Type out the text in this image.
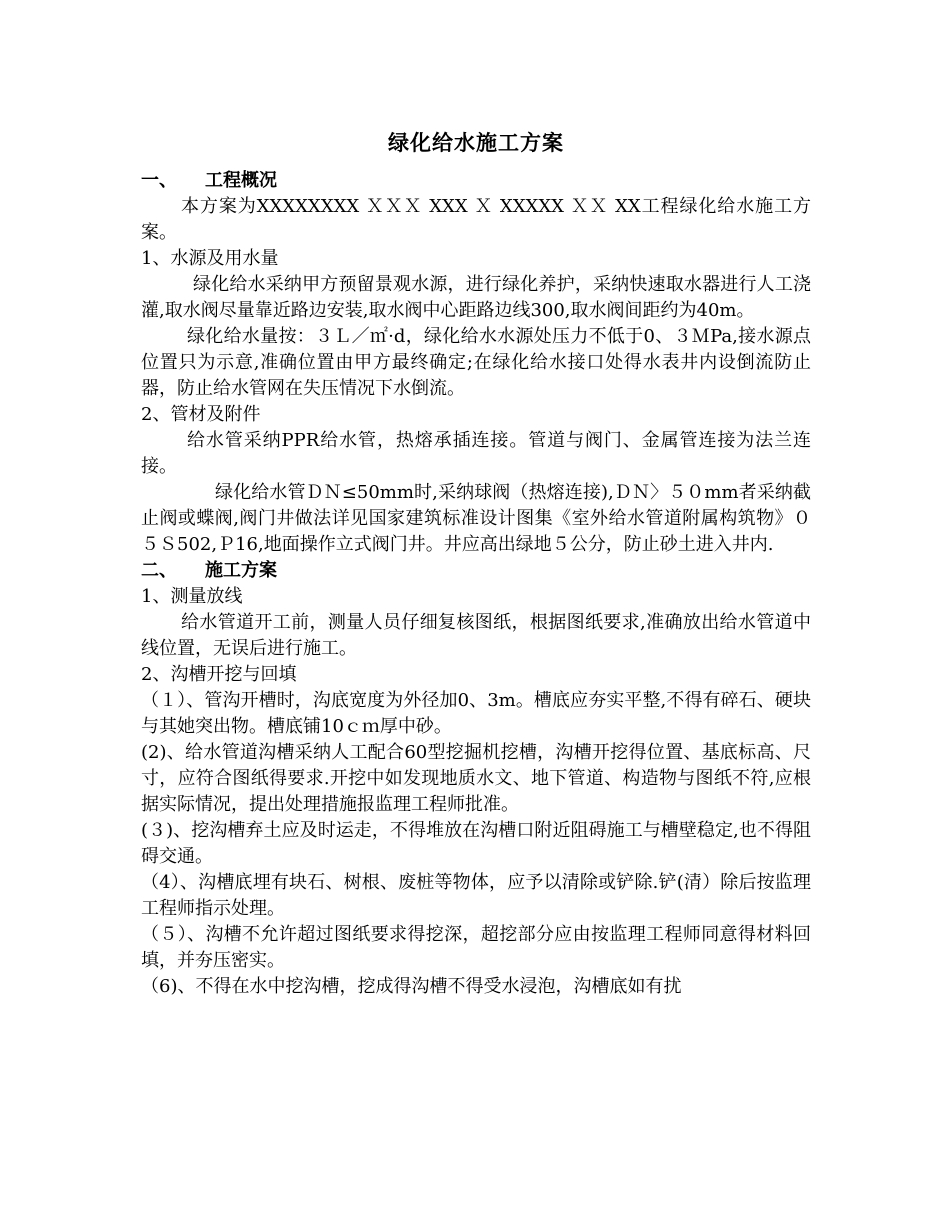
绿化给水施工方案
一、 工程概况

本方案为XXXXXXXX ＸＸＸ XXX Ｘ XXXXX ＸＸ XX工程绿化给水施工方案。

1、水源及用水量

绿化给水采纳甲方预留景观水源，进行绿化养护，采纳快速取水器进行人工浇灌,取水阀尽量靠近路边安装,取水阀中心距路边线300,取水阀间距约为40m。

绿化给水量按：３Ｌ／㎡·d，绿化给水水源处压力不低于0、３ＭPa,接水源点位置只为示意,准确位置由甲方最终确定;在绿化给水接口处得水表井内设倒流防止器，防止给水管网在失压情况下水倒流。

2、管材及附件

给水管采纳PPR给水管，热熔承插连接。管道与阀门、金属管连接为法兰连接。

绿化给水管ＤＮ≤50mm时,采纳球阀（热熔连接),ＤＮ〉５０mm者采纳截止阀或蝶阀,阀门井做法详见国家建筑标准设计图集《室外给水管道附属构筑物》０５Ｓ502,Ｐ16,地面操作立式阀门井。井应高出绿地５公分，防止砂土进入井内.

二、 施工方案

1、测量放线

给水管道开工前，测量人员仔细复核图纸，根据图纸要求,准确放出给水管道中线位置，无误后进行施工。

2、沟槽开挖与回填

（１）、管沟开槽时，沟底宽度为外径加0、3m。槽底应夯实平整,不得有碎石、硬块与其她突出物。槽底铺10ｃｍ厚中砂。

(2)、给水管道沟槽采纳人工配合60型挖掘机挖槽，沟槽开挖得位置、基底标高、尺寸，应符合图纸得要求.开挖中如发现地质水文、地下管道、构造物与图纸不符,应根据实际情况，提出处理措施报监理工程师批准。

(３)、挖沟槽弃土应及时运走，不得堆放在沟槽口附近阻碍施工与槽壁稳定,也不得阻碍交通。

（4）、沟槽底埋有块石、树根、废桩等物体，应予以清除或铲除.铲(清）除后按监理工程师指示处理。

（５）、沟槽不允许超过图纸要求得挖深，超挖部分应由按监理工程师同意得材料回填，并夯压密实。

（6)、不得在水中挖沟槽，挖成得沟槽不得受水浸泡，沟槽底如有扰
